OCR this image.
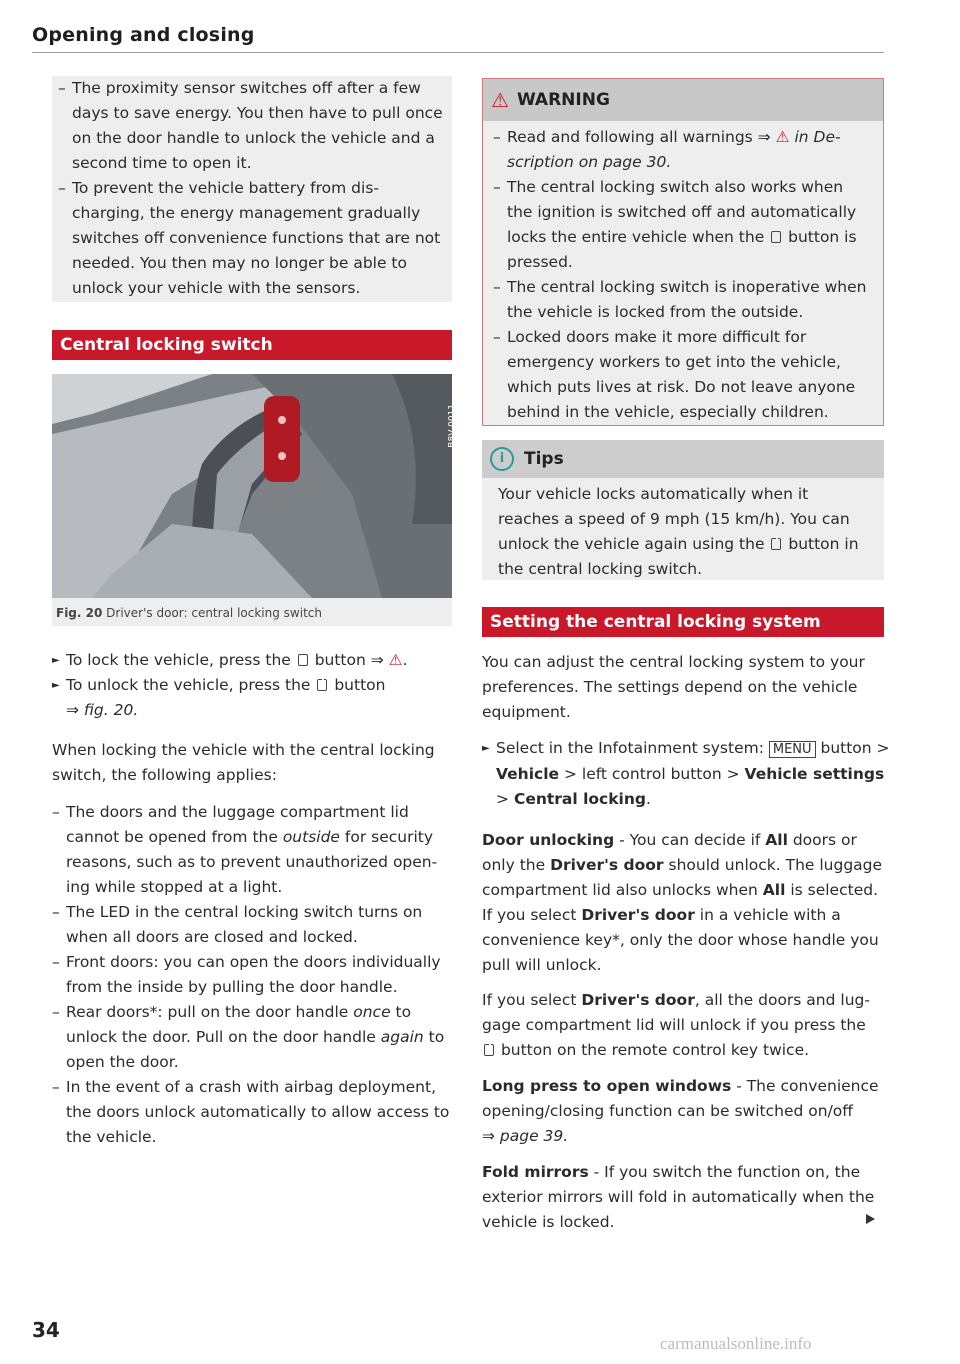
Opening and closing
– The proximity sensor switches off after a few days to save energy. You then have to pull once on the door handle to unlock the vehicle and a second time to open it.
– To prevent the vehicle battery from discharging, the energy management gradually switches off convenience functions that are not needed. You then may no longer be able to unlock your vehicle with the sensors.
Central locking switch
B8V-0011
Fig. 20 Driver's door: central locking switch
► To lock the vehicle, press the button ⇒ ⚠.
► To unlock the vehicle, press the button
⇒ fig. 20.

When locking the vehicle with the central locking switch, the following applies:

– The doors and the luggage compartment lid cannot be opened from the outside for security reasons, such as to prevent unauthorized opening while stopped at a light.
– The LED in the central locking switch turns on when all doors are closed and locked.
– Front doors: you can open the doors individually from the inside by pulling the door handle.
– Rear doors*: pull on the door handle once to unlock the door. Pull on the door handle again to open the door.
– In the event of a crash with airbag deployment, the doors unlock automatically to allow access to the vehicle.
⚠ WARNING
– Read and following all warnings ⇒ ⚠ in Description on page 30.
– The central locking switch also works when the ignition is switched off and automatically locks the entire vehicle when the button is pressed.
– The central locking switch is inoperative when the vehicle is locked from the outside.
– Locked doors make it more difficult for emergency workers to get into the vehicle, which puts lives at risk. Do not leave anyone behind in the vehicle, especially children.
i	Tips

Your vehicle locks automatically when it reaches a speed of 9 mph (15 km/h). You can unlock the vehicle again using the button in the central locking switch.

Setting the central locking system

You can adjust the central locking system to your preferences. The settings depend on the vehicle equipment.

► Select in the Infotainment system: MENU button > Vehicle > left control button > Vehicle settings > Central locking.

Door unlocking - You can decide if All doors or only the Driver's door should unlock. The luggage compartment lid also unlocks when All is selected. If you select Driver's door in a vehicle with a convenience key*, only the door whose handle you pull will unlock.

If you select Driver's door, all the doors and luggage compartment lid will unlock if you press the
button on the remote control key twice.

Long press to open windows - The convenience opening/closing function can be switched on/off
⇒ page 39.

Fold mirrors - If you switch the function on, the exterior mirrors will fold in automatically when the vehicle is locked.

34
carmanualsonline.info
